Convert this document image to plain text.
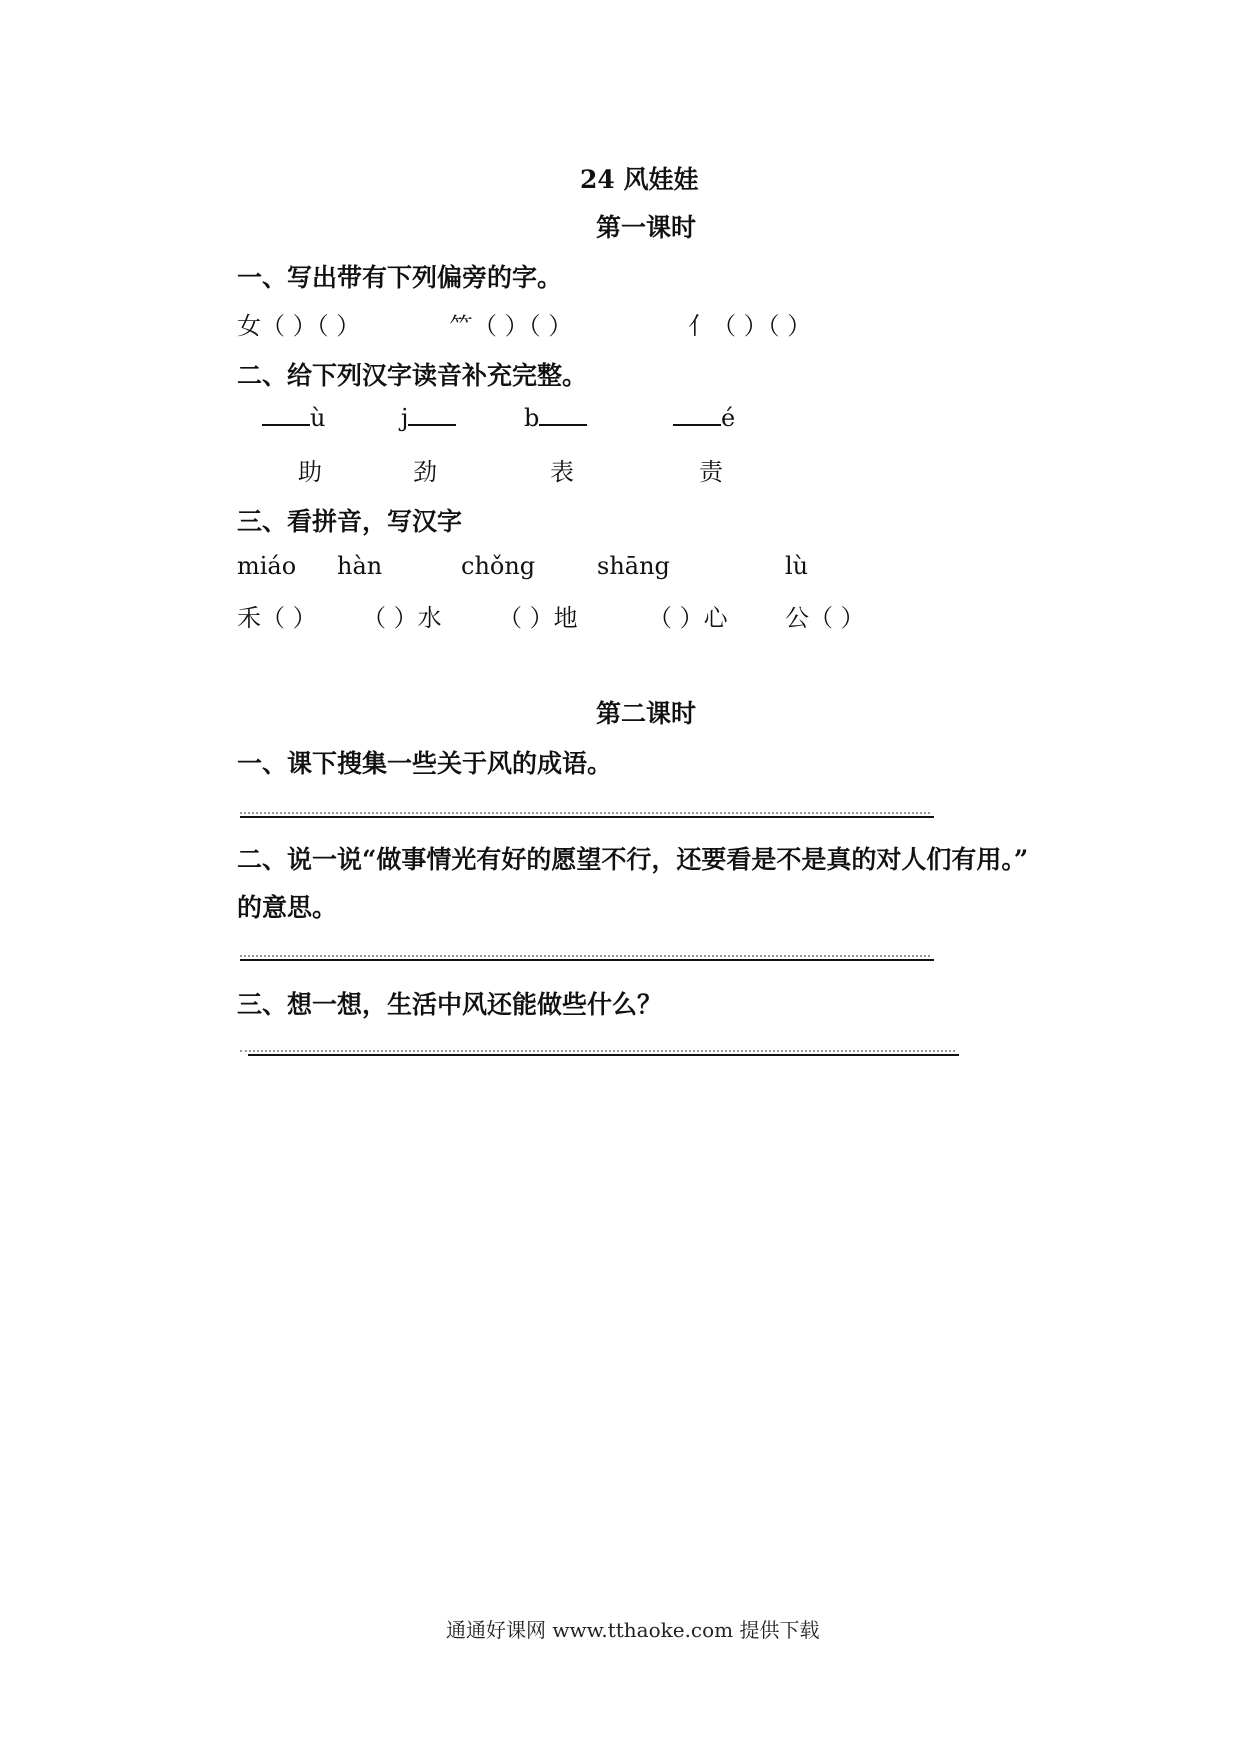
24 风娃娃
第一课时
一、写出带有下列偏旁的字。
女（ ）（ ）	⺮（ ）（ ）	亻（ ）（ ）
二、给下列汉字读音补充完整。
ù	j	b	é
助	劲	表	责
三、看拼音，写汉字
miáo hàn	chǒng	shāng	lù
禾（ ） （ ）水 （ ）地	（ ）心 公（ ）
第二课时
一、课下搜集一些关于风的成语。
二、说一说“做事情光有好的愿望不行，还要看是不是真的对人们有用。”
的意思。
三、想一想，生活中风还能做些什么？
通通好课网 www.tthaoke.com 提供下载
